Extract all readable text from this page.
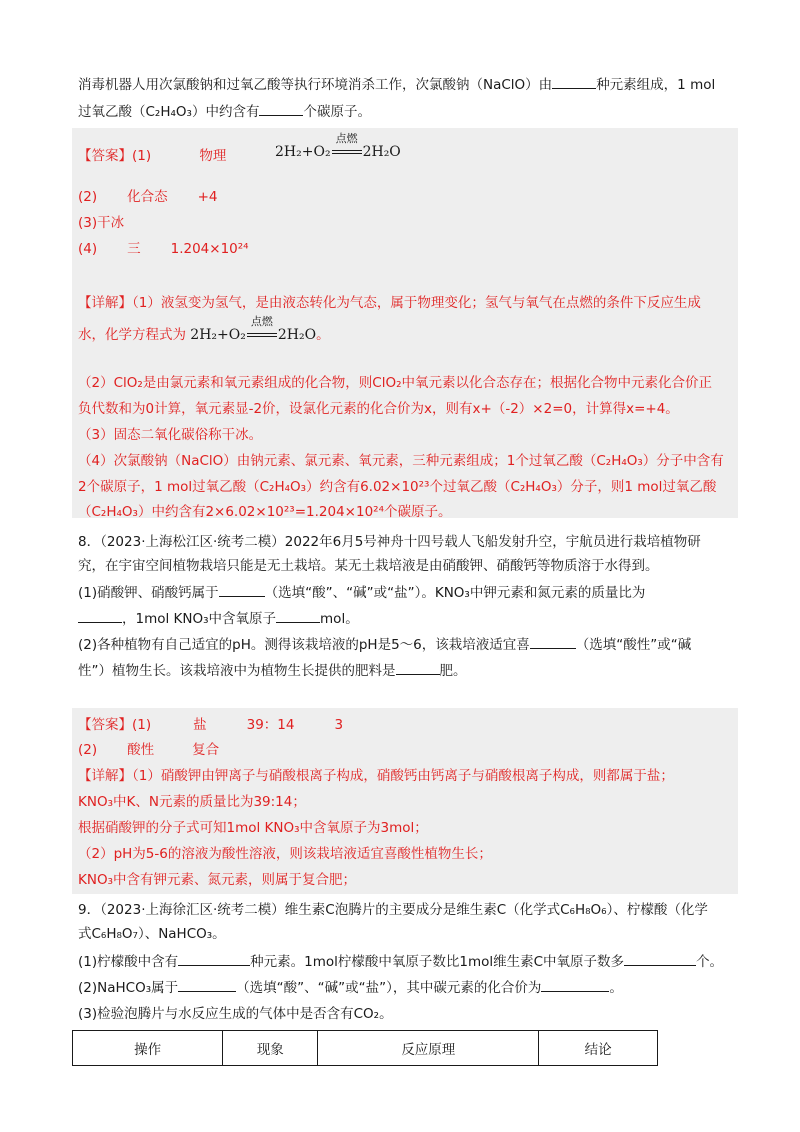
消毒机器人用次氯酸钠和过氧乙酸等执行环境消杀工作，次氯酸钠（NaClO）由	种元素组成，1 mol
过氧乙酸（C₂H₄O₃）中约含有	个碳原子。
【答案】(1)	物理	2H₂+O₂
点燃
2H₂O
(2) 化合态 +4
(3)干冰
(4) 三 1.204×10²⁴
【详解】（1）液氢变为氢气，是由液态转化为气态，属于物理变化；氢气与氧气在点燃的条件下反应生成
水，化学方程式为 2H₂+O₂
点燃
2H₂O。
（2）ClO₂是由氯元素和氧元素组成的化合物，则ClO₂中氧元素以化合态存在；根据化合物中元素化合价正
负代数和为0计算，氧元素显-2价，设氯化元素的化合价为x，则有x+（-2）×2=0，计算得x=+4。
（3）固态二氧化碳俗称干冰。
（4）次氯酸钠（NaClO）由钠元素、氯元素、氧元素，三种元素组成；1个过氧乙酸（C₂H₄O₃）分子中含有
2个碳原子，1 mol过氧乙酸（C₂H₄O₃）约含有6.02×10²³个过氧乙酸（C₂H₄O₃）分子，则1 mol过氧乙酸
（C₂H₄O₃）中约含有2×6.02×10²³=1.204×10²⁴个碳原子。
8．（2023·上海松江区·统考二模）2022年6月5号神舟十四号载人飞船发射升空，宇航员进行栽培植物研
究，在宇宙空间植物栽培只能是无土栽培。某无土栽培液是由硝酸钾、硝酸钙等物质溶于水得到。
(1)硝酸钾、硝酸钙属于	（选填“酸”、“碱”或“盐”）。KNO₃中钾元素和氮元素的质量比为
，1mol KNO₃中含氧原子	mol。
(2)各种植物有自己适宜的pH。测得该栽培液的pH是5～6，该栽培液适宜喜	（选填“酸性”或“碱
性”）植物生长。该栽培液中为植物生长提供的肥料是	肥。
【答案】(1)	盐	39：14	3
(2) 酸性	复合
【详解】（1）硝酸钾由钾离子与硝酸根离子构成，硝酸钙由钙离子与硝酸根离子构成，则都属于盐；
KNO₃中K、N元素的质量比为39:14；
根据硝酸钾的分子式可知1mol KNO₃中含氧原子为3mol；
（2）pH为5-6的溶液为酸性溶液，则该栽培液适宜喜酸性植物生长；
KNO₃中含有钾元素、氮元素，则属于复合肥；
9．（2023·上海徐汇区·统考二模）维生素C泡腾片的主要成分是维生素C（化学式C₆H₈O₆）、柠檬酸（化学
式C₆H₈O₇）、NaHCO₃。
(1)柠檬酸中含有	种元素。1mol柠檬酸中氧原子数比1mol维生素C中氧原子数多	个。
(2)NaHCO₃属于	（选填“酸”、“碱”或“盐”），其中碳元素的化合价为	。
(3)检验泡腾片与水反应生成的气体中是否含有CO₂。
操作	现象	反应原理	结论
